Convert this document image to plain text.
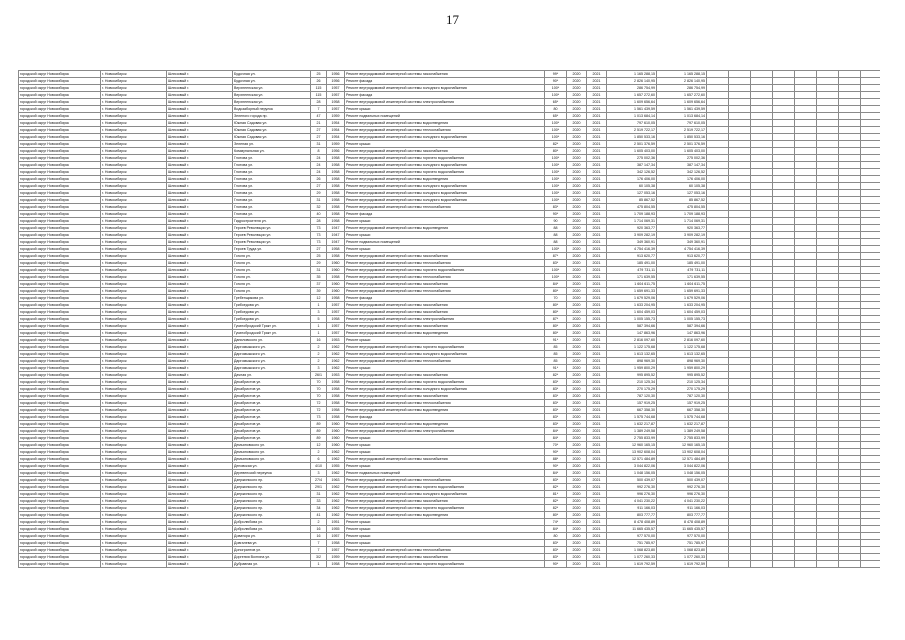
17
городской округ Новосибирск	г. Новосибирск	Шлюзовый г.	Будочная ул.	25	1956	Ремонт внутридомовой инженерной системы газоснабжения	99*	2020	2021	1 165 288,15	1 165 288,15								
городской округ Новосибирск	г. Новосибирск	Шлюзовый г.	Будочная ул.	26	1956	Ремонт фасада	90*	2020	2021	2 826 140,95	2 826 140,95								
городской округ Новосибирск	г. Новосибирск	Шлюзовый г.	Верхнеенская ул.	115	1957	Ремонт внутридомовой инженерной системы холодного водоснабжения	100*	2020	2021	286 754,99	286 754,99								
городской округ Новосибирск	г. Новосибирск	Шлюзовый г.	Верхнеенская ул.	115	1957	Ремонт фасада	100*	2020	2021	1 657 272,60	1 657 272,60								
городской округ Новосибирск	г. Новосибирск	Шлюзовый г.	Верхнеенская ул.	28	1958	Ремонт внутридомовой инженерной системы электроснабжения	65*	2020	2021	1 609 656,64	1 609 656,64								
городской округ Новосибирск	г. Новосибирск	Шлюзовый г.	Водозаборный перулок	7	1957	Ремонт крыши	80	2020	2021	1 561 439,59	1 561 439,59								
городской округ Новосибирск	г. Новосибирск	Шлюзовый г.	Зеленого города пр.	47	1959	Ремонт подвальных помещений	65*	2020	2021	1 013 684,14	1 013 684,14								
городской округ Новосибирск	г. Новосибирск	Шлюзовый г.	Южная Садовая ул.	21	1954	Ремонт внутридомовой инженерной системы водоотведения	100*	2020	2021	797 610,05	797 610,05								
городской округ Новосибирск	г. Новосибирск	Шлюзовый г.	Южная Садовая ул.	27	1954	Ремонт внутридомовой инженерной системы теплоснабжения	100*	2020	2021	2 519 722,17	2 519 722,17								
городской округ Новосибирск	г. Новосибирск	Шлюзовый г.	Южная Садовая ул.	27	1954	Ремонт внутридомовой инженерной системы холодного водоснабжения	100*	2020	2021	1 850 533,16	1 850 533,16								
городской округ Новосибирск	г. Новосибирск	Шлюзовый г.	Зеленая ул.	31	1959	Ремонт крыши	82*	2020	2021	2 501 376,59	2 501 376,59								
городской округ Новосибирск	г. Новосибирск	Шлюзовый г.	Коммунальная ул.	8	1956	Ремонт внутридомовой инженерной системы газоснабжения	80*	2020	2021	1 605 403,00	1 605 403,00								
городской округ Новосибирск	г. Новосибирск	Шлюзовый г.	Глотова ул.	24	1958	Ремонт внутридомовой инженерной системы горячего водоснабжения	100*	2020	2021	275 002,36	275 002,36								
городской округ Новосибирск	г. Новосибирск	Шлюзовый г.	Глотова ул.	24	1958	Ремонт внутридомовой инженерной системы холодного водоснабжения	100*	2020	2021	387 147,34	387 147,34								
городской округ Новосибирск	г. Новосибирск	Шлюзовый г.	Глотова ул.	24	1958	Ремонт внутридомовой инженерной системы горячего водоснабжения	100*	2020	2021	342 126,52	342 126,52								
городской округ Новосибирск	г. Новосибирск	Шлюзовый г.	Глотова ул.	26	1958	Ремонт внутридомовой инженерной системы водоотведения	100*	2020	2021	176 406,00	176 406,00								
городской округ Новосибирск	г. Новосибирск	Шлюзовый г.	Глотова ул.	27	1958	Ремонт внутридомовой инженерной системы холодного водоснабжения	100*	2020	2021	60 105,38	60 105,38								
городской округ Новосибирск	г. Новосибирск	Шлюзовый г.	Глотова ул.	29	1958	Ремонт внутридомовой инженерной системы холодного водоснабжения	100*	2020	2021	127 053,16	127 053,16								
городской округ Новосибирск	г. Новосибирск	Шлюзовый г.	Глотова ул.	31	1958	Ремонт внутридомовой инженерной системы холодного водоснабжения	100*	2020	2021	85 867,52	85 867,52								
городской округ Новосибирск	г. Новосибирск	Шлюзовый г.	Глотова ул.	32	1958	Ремонт внутридомовой инженерной системы теплоснабжения	83*	2020	2021	475 804,55	475 804,55								
городской округ Новосибирск	г. Новосибирск	Шлюзовый г.	Глотова ул.	40	1958	Ремонт фасада	90*	2020	2021	1 709 188,93	1 709 188,93								
городской округ Новосибирск	г. Новосибирск	Шлюзовый г.	Гидростроителя ул.	28	1958	Ремонт крыши	90	2020	2021	1 714 069,31	1 714 069,31								
городской округ Новосибирск	г. Новосибирск	Шлюзовый г.	Героев Революции ул.	73	1947	Ремонт внутридомовой инженерной системы водоотведения	88	2020	2021	920 363,77	920 363,77								
городской округ Новосибирск	г. Новосибирск	Шлюзовый г.	Героев Революции ул.	73	1947	Ремонт крыши	88	2020	2021	3 909 282,19	3 909 282,19								
городской округ Новосибирск	г. Новосибирск	Шлюзовый г.	Героев Революции ул.	73	1947	Ремонт подвальных помещений	88	2020	2021	349 360,91	349 360,91								
городской округ Новосибирск	г. Новосибирск	Шлюзовый г.	Героев Труда ул.	27	1958	Ремонт крыши	100*	2020	2021	4 754 416,39	4 754 416,39								
городской округ Новосибирск	г. Новосибирск	Шлюзовый г.	Гоголя ул.	25	1958	Ремонт внутридомовой инженерной системы газоснабжения	87*	2020	2021	913 620,77	913 620,77								
городской округ Новосибирск	г. Новосибирск	Шлюзовый г.	Гоголя ул.	29	1960	Ремонт внутридомовой инженерной системы теплоснабжения	83*	2020	2021	185 491,00	185 491,00								
городской округ Новосибирск	г. Новосибирск	Шлюзовый г.	Гоголя ул.	31	1960	Ремонт внутридомовой инженерной системы горячего водоснабжения	100*	2020	2021	479 731,11	479 731,11								
городской округ Новосибирск	г. Новосибирск	Шлюзовый г.	Гоголя ул.	35	1958	Ремонт внутридомовой инженерной системы теплоснабжения	100*	2020	2021	171 639,55	171 639,55								
городской округ Новосибирск	г. Новосибирск	Шлюзовый г.	Гоголя ул.	37	1960	Ремонт внутридомовой инженерной системы газоснабжения	84*	2020	2021	1 604 611,75	1 604 611,75								
городской округ Новосибирск	г. Новосибирск	Шлюзовый г.	Гоголя ул.	39	1960	Ремонт внутридомовой инженерной системы теплоснабжения	80*	2020	2021	1 659 691,33	1 659 691,33								
городской округ Новосибирск	г. Новосибирск	Шлюзовый г.	Гребенщикова ул.	12	1958	Ремонт фасада	70	2020	2021	1 679 529,06	1 679 529,06								
городской округ Новосибирск	г. Новосибирск	Шлюзовый г.	Грибоедова ул.	1	1957	Ремонт внутридомовой инженерной системы газоснабжения	80*	2020	2021	1 633 204,95	1 633 204,95								
городской округ Новосибирск	г. Новосибирск	Шлюзовый г.	Грибоедова ул.	3	1957	Ремонт внутридомовой инженерной системы газоснабжения	80*	2020	2021	1 604 459,03	1 604 459,03								
городской округ Новосибирск	г. Новосибирск	Шлюзовый г.	Грибоедова ул.	5	1958	Ремонт внутридомовой инженерной системы электроснабжения	87*	2020	2021	1 005 155,73	1 005 155,73								
городской округ Новосибирск	г. Новосибирск	Шлюзовый г.	Гусинобродский Тракт ул.	1	1957	Ремонт внутридомовой инженерной системы газоснабжения	80*	2020	2021	587 394,66	587 394,66								
городской округ Новосибирск	г. Новосибирск	Шлюзовый г.	Гусинобродский Тракт ул.	1	1957	Ремонт внутридомовой инженерной системы водоотведения	80*	2020	2021	147 863,96	147 863,96								
городской округ Новосибирск	г. Новосибирск	Шлюзовый г.	Даниловского ул.	16	1953	Ремонт крыши	91*	2020	2021	2 816 097,60	2 816 097,60								
городской округ Новосибирск	г. Новосибирск	Шлюзовый г.	Даргомыжского ул.	2	1962	Ремонт внутридомовой инженерной системы горячего водоснабжения	85	2020	2021	1 122 175,68	1 122 175,68								
городской округ Новосибирск	г. Новосибирск	Шлюзовый г.	Даргомыжского ул.	2	1962	Ремонт внутридомовой инженерной системы холодного водоснабжения	85	2020	2021	1 613 132,65	1 613 132,65								
городской округ Новосибирск	г. Новосибирск	Шлюзовый г.	Даргомыжского ул.	2	1962	Ремонт внутридомовой инженерной системы теплоснабжения	85	2020	2021	898 969,30	898 969,30								
городской округ Новосибирск	г. Новосибирск	Шлюзовый г.	Даргомыжского ул.	3	1962	Ремонт крыши	91*	2020	2021	1 959 800,29	1 959 800,29								
городской округ Новосибирск	г. Новосибирск	Шлюзовый г.	Дачная ул.	26/1	1953	Ремонт внутридомовой инженерной системы газоснабжения	82*	2020	2021	995 895,52	995 895,52								
городской округ Новосибирск	г. Новосибирск	Шлюзовый г.	Декабристов ул.	70	1958	Ремонт внутридомовой инженерной системы горячего водоснабжения	83*	2020	2021	210 125,34	210 125,34								
городской округ Новосибирск	г. Новосибирск	Шлюзовый г.	Декабристов ул.	70	1958	Ремонт внутридомовой инженерной системы холодного водоснабжения	83*	2020	2021	270 175,29	270 175,29								
городской округ Новосибирск	г. Новосибирск	Шлюзовый г.	Декабристов ул.	70	1958	Ремонт внутридомовой инженерной системы газоснабжения	83*	2020	2021	787 120,30	787 120,30								
городской округ Новосибирск	г. Новосибирск	Шлюзовый г.	Декабристов ул.	72	1958	Ремонт внутридомовой инженерной системы теплоснабжения	83*	2020	2021	157 919,25	157 919,25								
городской округ Новосибирск	г. Новосибирск	Шлюзовый г.	Декабристов ул.	72	1958	Ремонт внутридомовой инженерной системы водоотведения	83*	2020	2021	667 358,30	667 358,30								
городской округ Новосибирск	г. Новосибирск	Шлюзовый г.	Декабристов ул.	73	1958	Ремонт фасада	83*	2020	2021	1 575 744,68	1 575 744,68								
городской округ Новосибирск	г. Новосибирск	Шлюзовый г.	Декабристов ул.	89	1960	Ремонт внутридомовой инженерной системы водоотведения	83*	2020	2021	1 632 217,87	1 632 217,87								
городской округ Новосибирск	г. Новосибирск	Шлюзовый г.	Декабристов ул.	89	1960	Ремонт внутридомовой инженерной системы электроснабжения	84*	2020	2021	1 389 249,58	1 389 249,58								
городской округ Новосибирск	г. Новосибирск	Шлюзовый г.	Декабристов ул.	89	1960	Ремонт крыши	84*	2020	2021	2 755 833,99	2 755 833,99								
городской округ Новосибирск	г. Новосибирск	Шлюзовый г.	Демьяновского ул.	12	1960	Ремонт крыши	70*	2020	2021	12 960 165,15	12 960 165,15								
городской округ Новосибирск	г. Новосибирск	Шлюзовый г.	Демьяновского ул.	2	1962	Ремонт крыши	90*	2020	2021	13 902 608,04	13 902 608,04								
городской округ Новосибирск	г. Новосибирск	Шлюзовый г.	Демьяновского ул.	6	1962	Ремонт внутридомовой инженерной системы газоснабжения	88*	2020	2021	12 571 484,89	12 571 484,89								
городской округ Новосибирск	г. Новосибирск	Шлюзовый г.	Деповская ул.	4/10	1955	Ремонт крыши	90*	2020	2021	3 044 822,06	3 044 822,06								
городской округ Новосибирск	г. Новосибирск	Шлюзовый г.	Деревенский переулок	3	1962	Ремонт подвальных помещений	84*	2020	2021	1 048 156,05	1 048 156,05								
городской округ Новосибирск	г. Новосибирск	Шлюзовый г.	Дзержинского пр.	27/4	1963	Ремонт внутридомовой инженерной системы теплоснабжения	83*	2020	2021	500 439,07	500 439,07								
городской округ Новосибирск	г. Новосибирск	Шлюзовый г.	Дзержинского пр.	29/1	1962	Ремонт внутридомовой инженерной системы горячего водоснабжения	82*	2020	2021	992 276,30	992 276,30								
городской округ Новосибирск	г. Новосибирск	Шлюзовый г.	Дзержинского пр.	31	1962	Ремонт внутридомовой инженерной системы холодного водоснабжения	81*	2020	2021	996 276,30	996 276,30								
городской округ Новосибирск	г. Новосибирск	Шлюзовый г.	Дзержинского пр.	33	1962	Ремонт внутридомовой инженерной системы газоснабжения	82*	2020	2021	4 041 230,22	4 041 230,22								
городской округ Новосибирск	г. Новосибирск	Шлюзовый г.	Дзержинского пр.	34	1962	Ремонт внутридомовой инженерной системы горячего водоснабжения	82*	2020	2021	911 166,03	911 166,03								
городской округ Новосибирск	г. Новосибирск	Шлюзовый г.	Дзержинского пр.	41	1962	Ремонт внутридомовой инженерной системы водоотведения	80*	2020	2021	803 777,77	803 777,77								
городской округ Новосибирск	г. Новосибирск	Шлюзовый г.	Добролюбова ул.	2	1951	Ремонт крыши	74*	2020	2021	8 478 408,89	8 478 408,89								
городской округ Новосибирск	г. Новосибирск	Шлюзовый г.	Добролюбова ул.	16	1955	Ремонт крыши	84*	2020	2021	11 665 435,57	11 665 435,57								
городской округ Новосибирск	г. Новосибирск	Шлюзовый г.	Доватора ул.	16	1957	Ремонт крыши	80	2020	2021	977 570,00	977 570,00								
городской округ Новосибирск	г. Новосибирск	Шлюзовый г.	Довгалева ул.	7	1958	Ремонт крыши	83*	2020	2021	751 785,97	751 785,97								
городской округ Новосибирск	г. Новосибирск	Шлюзовый г.	Доногрантов ул.	7	1957	Ремонт внутридомовой инженерной системы теплоснабжения	83*	2020	2021	1 068 823,80	1 068 823,80								
городской округ Новосибирск	г. Новосибирск	Шлюзовый г.	Доргения Волгина ул.	3/2	1959	Ремонт внутридомовой инженерной системы газоснабжения	83*	2020	2021	1 077 260,33	1 077 260,33								
городской округ Новосибирск	г. Новосибирск	Шлюзовый г.	Дубравная ул.	1	1958	Ремонт внутридомовой инженерной системы горячего водоснабжения	90*	2020	2021	1 619 792,59	1 619 792,59								
